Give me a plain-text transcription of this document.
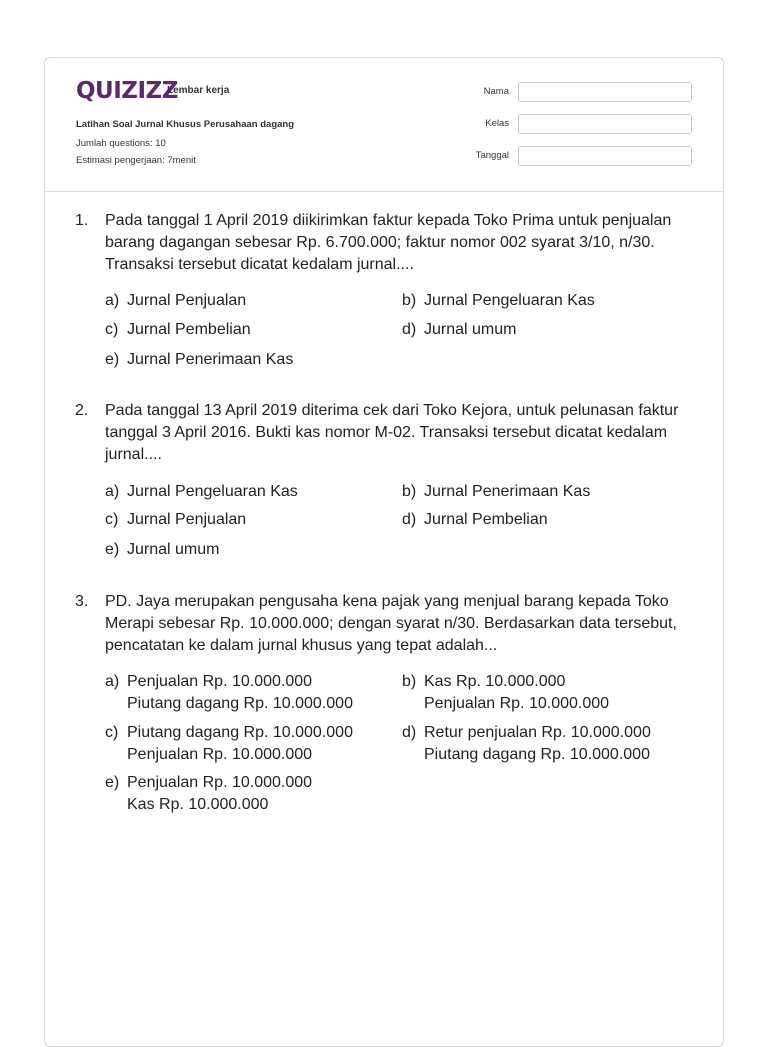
QUIZIZZ
Lembar kerja
Latihan Soal Jurnal Khusus Perusahaan dagang
Jumlah questions: 10
Estimasi pengerjaan: 7menit
Nama
Kelas
Tanggal
1. Pada tanggal 1 April 2019 diikirimkan faktur kepada Toko Prima untuk penjualan barang dagangan sebesar Rp. 6.700.000; faktur nomor 002 syarat 3/10, n/30. Transaksi tersebut dicatat kedalam jurnal....
a) Jurnal Penjualan	b) Jurnal Pengeluaran Kas
c) Jurnal Pembelian	d) Jurnal umum
e) Jurnal Penerimaan Kas
2. Pada tanggal 13 April 2019 diterima cek dari Toko Kejora, untuk pelunasan faktur tanggal 3 April 2016. Bukti kas nomor M-02. Transaksi tersebut dicatat kedalam jurnal....
a) Jurnal Pengeluaran Kas	b) Jurnal Penerimaan Kas
c) Jurnal Penjualan	d) Jurnal Pembelian
e) Jurnal umum
3. PD. Jaya merupakan pengusaha kena pajak yang menjual barang kepada Toko Merapi sebesar Rp. 10.000.000; dengan syarat n/30. Berdasarkan data tersebut, pencatatan ke dalam jurnal khusus yang tepat adalah...
a) Penjualan Rp. 10.000.000
Piutang dagang Rp. 10.000.000
b) Kas Rp. 10.000.000
Penjualan Rp. 10.000.000
c) Piutang dagang Rp. 10.000.000
Penjualan Rp. 10.000.000
d) Retur penjualan Rp. 10.000.000
Piutang dagang Rp. 10.000.000
e) Penjualan Rp. 10.000.000
Kas Rp. 10.000.000
